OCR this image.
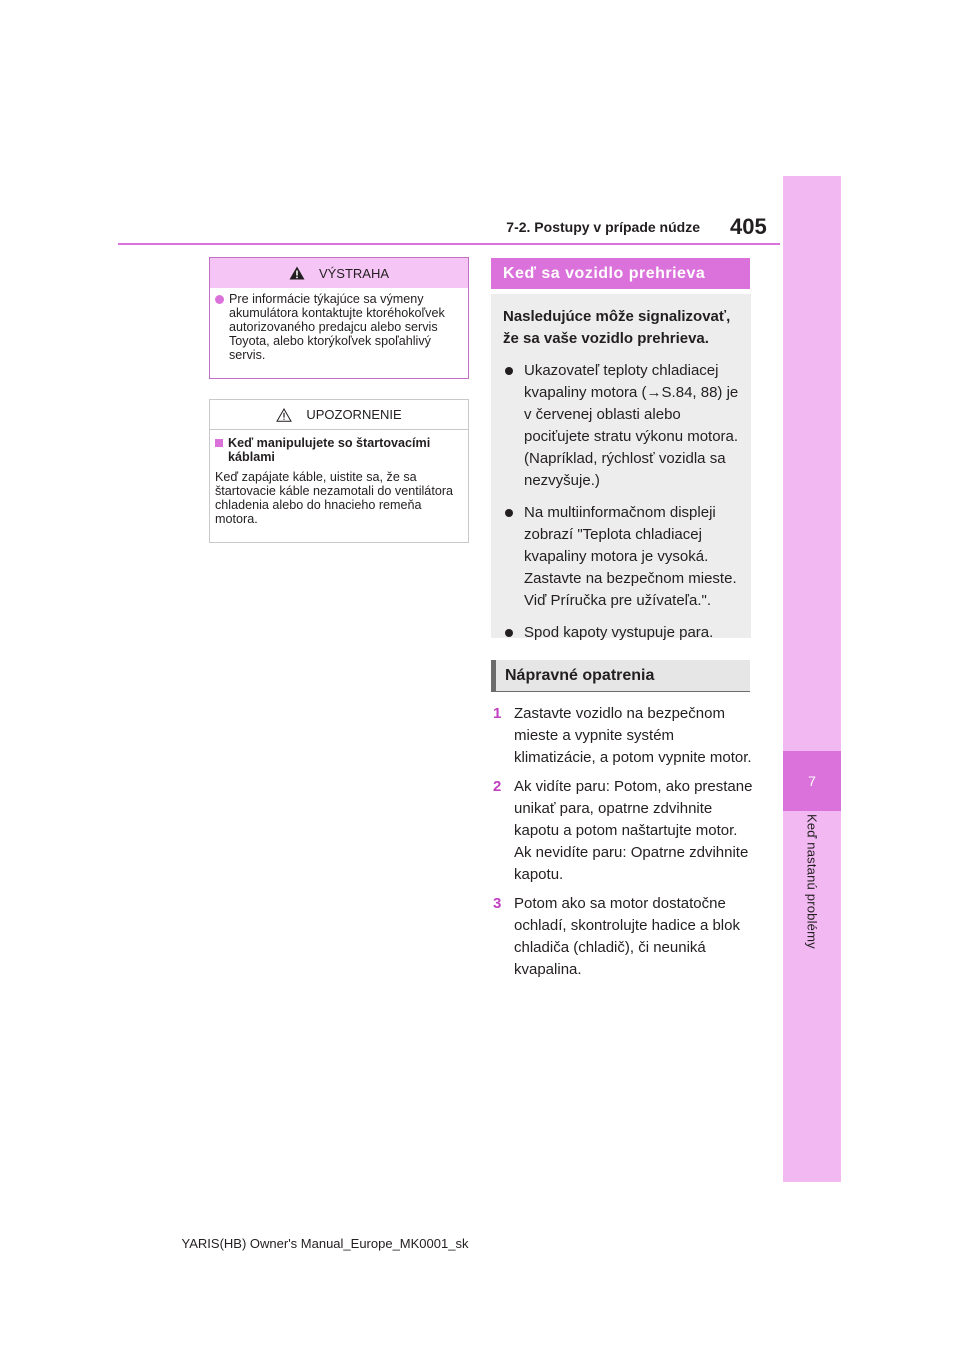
7
Keď nastanú problémy
7-2. Postupy v prípade núdze 405
VÝSTRAHA
Pre informácie týkajúce sa výmeny akumulátora kontaktujte ktoréhokoľvek autorizovaného predajcu alebo servis Toyota, alebo ktorýkoľvek spoľahlivý servis.
UPOZORNENIE
Keď manipulujete so štartovacími káblami
Keď zapájate káble, uistite sa, že sa štartovacie káble nezamotali do ventilátora chladenia alebo do hnacieho remeňa motora.
Keď sa vozidlo prehrieva
Nasledujúce môže signalizovať, že sa vaše vozidlo prehrieva.
Ukazovateľ teploty chladiacej kvapaliny motora (→S.84, 88) je v červenej oblasti alebo pociťujete stratu výkonu motora. (Napríklad, rýchlosť vozidla sa nezvyšuje.)
Na multiinformačnom displeji zobrazí "Teplota chladiacej kvapaliny motora je vysoká. Zastavte na bezpečnom mieste. Viď Príručka pre užívateľa.".
Spod kapoty vystupuje para.
Nápravné opatrenia
1 Zastavte vozidlo na bezpečnom mieste a vypnite systém klimatizácie, a potom vypnite motor.
2 Ak vidíte paru: Potom, ako prestane unikať para, opatrne zdvihnite kapotu a potom naštartujte motor.
Ak nevidíte paru: Opatrne zdvihnite kapotu.
3 Potom ako sa motor dostatočne ochladí, skontrolujte hadice a blok chladiča (chladič), či neuniká kvapalina.
YARIS(HB) Owner's Manual_Europe_MK0001_sk
